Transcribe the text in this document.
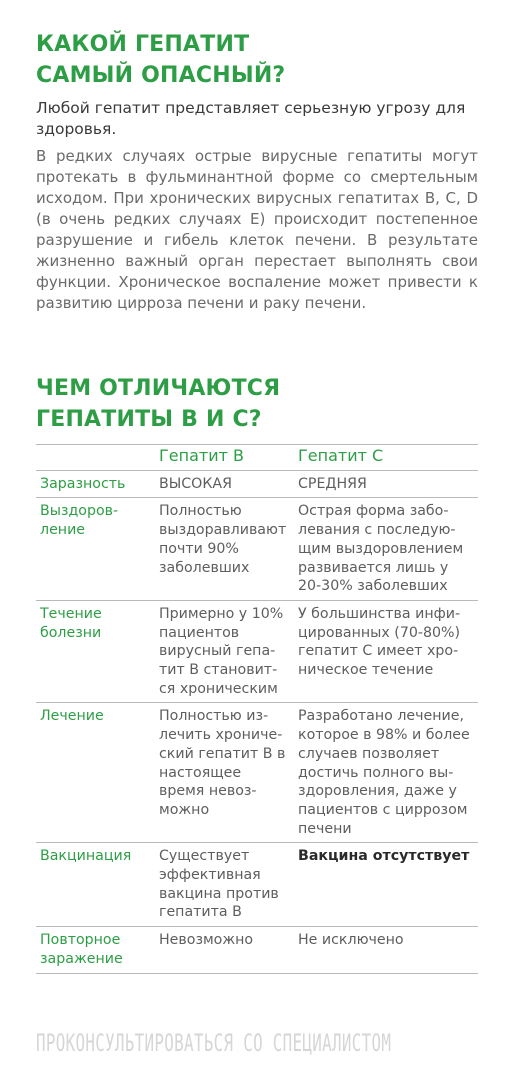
КАКОЙ ГЕПАТИТ
САМЫЙ ОПАСНЫЙ?
Любой гепатит представляет серьезную угрозу для здоровья.
В редких случаях острые вирусные гепатиты могут протекать в фульминантной форме со смертельным исходом. При хронических вирусных гепатитах B, C, D (в очень редких случаях E) происходит постепенное разрушение и гибель клеток печени. В результате жизненно важный орган перестает выполнять свои функции. Хроническое воспаление может привести к развитию цирроза печени и раку печени.
ЧЕМ ОТЛИЧАЮТСЯ
ГЕПАТИТЫ В И С?
	Гепатит В	Гепатит С
Заразность	ВЫСОКАЯ	СРЕДНЯЯ
Выздоров-ление	Полностью выздоравливают почти 90% заболевших	Острая форма забо-левания с последую-щим выздоровлением развивается лишь у 20-30% заболевших
Течение болезни	Примерно у 10% пациентов вирусный гепа-тит В становит-ся хроническим	У большинства инфи-цированных (70-80%) гепатит С имеет хро-ническое течение
Лечение	Полностью из-лечить хрониче-ский гепатит В в настоящее время невоз-можно	Разработано лечение, которое в 98% и более случаев позволяет достичь полного вы-здоровления, даже у пациентов с циррозом печени
Вакцинация	Существует эффективная вакцина против гепатита В	Вакцина отсутствует
Повторное заражение	Невозможно	Не исключено
ПРОКОНСУЛЬТИРОВАТЬСЯ СО СПЕЦИАЛИСТОМ
